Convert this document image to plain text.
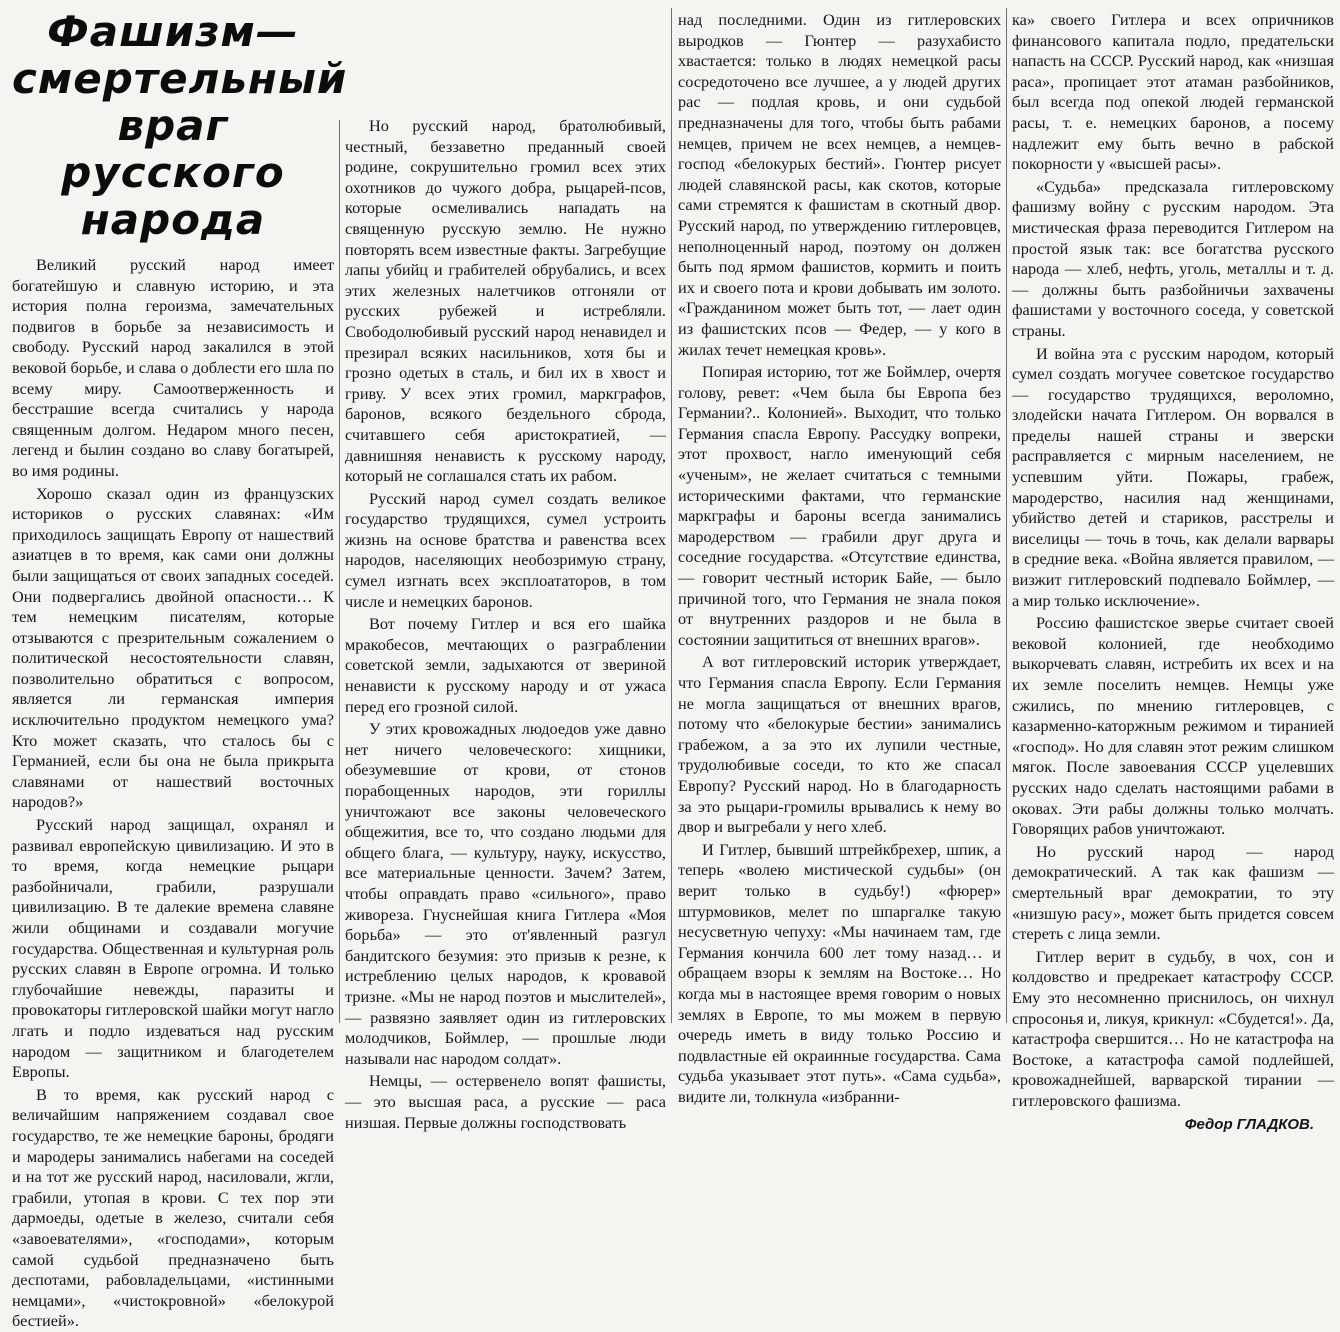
Фашизм—смертельный враг
русского народа

Великий русский народ имеет богатейшую и славную историю, и эта история полна героизма, замечательных подвигов в борьбе за независимость и свободу. Русский народ закалился в этой вековой борьбе, и слава о доблести его шла по всему миру. Самоотверженность и бесстрашие всегда считались у народа священным долгом. Недаром много песен, легенд и былин создано во славу богатырей, во имя родины.

Хорошо сказал один из французских историков о русских славянах: «Им приходилось защищать Европу от нашествий азиатцев в то время, как сами они должны были защищаться от своих западных соседей. Они подвергались двойной опасности… К тем немецким писателям, которые отзываются с презрительным сожалением о политической несостоятельности славян, позволительно обратиться с вопросом, является ли германская империя исключительно продуктом немецкого ума? Кто может сказать, что сталось бы с Германией, если бы она не была прикрыта славянами от нашествий восточных народов?»

Русский народ защищал, охранял и развивал европейскую цивилизацию. И это в то время, когда немецкие рыцари разбойничали, грабили, разрушали цивилизацию. В те далекие времена славяне жили общинами и создавали могучие государства. Общественная и культурная роль русских славян в Европе огромна. И только глубочайшие невежды, паразиты и провокаторы гитлеровской шайки могут нагло лгать и подло издеваться над русским народом — защитником и благодетелем Европы.

В то время, как русский народ с величайшим напряжением создавал свое государство, те же немецкие бароны, бродяги и мародеры занимались набегами на соседей и на тот же русский народ, насиловали, жгли, грабили, утопая в крови. С тех пор эти дармоеды, одетые в железо, считали себя «завоевателями», «господами», которым самой судьбой предназначено быть деспотами, рабовладельцами, «истинными немцами», «чистокровной» «белокурой бестией».

Но русский народ, братолюбивый, честный, беззаветно преданный своей родине, сокрушительно громил всех этих охотников до чужого добра, рыцарей-псов, которые осмеливались нападать на священную русскую землю. Не нужно повторять всем известные факты. Загребущие лапы убийц и грабителей обрубались, и всех этих железных налетчиков отгоняли от русских рубежей и истребляли. Свободолюбивый русский народ ненавидел и презирал всяких насильников, хотя бы и грозно одетых в сталь, и бил их в хвост и гриву. У всех этих громил, маркграфов, баронов, всякого бездельного сброда, считавшего себя аристократией, — давнишняя ненависть к русскому народу, который не соглашался стать их рабом.

Русский народ сумел создать великое государство трудящихся, сумел устроить жизнь на основе братства и равенства всех народов, населяющих необозримую страну, сумел изгнать всех эксплоататоров, в том числе и немецких баронов.

Вот почему Гитлер и вся его шайка мракобесов, мечтающих о разграблении советской земли, задыхаются от звериной ненависти к русскому народу и от ужаса перед его грозной силой.

У этих кровожадных людоедов уже давно нет ничего человеческого: хищники, обезумевшие от крови, от стонов порабощенных народов, эти гориллы уничтожают все законы человеческого общежития, все то, что создано людьми для общего блага, — культуру, науку, искусство, все материальные ценности. Зачем? Затем, чтобы оправдать право «сильного», право живореза. Гнуснейшая книга Гитлера «Моя борьба» — это от'явленный разгул бандитского безумия: это призыв к резне, к истреблению целых народов, к кровавой тризне. «Мы не народ поэтов и мыслителей», — развязно заявляет один из гитлеровских молодчиков, Боймлер, — прошлые люди называли нас народом солдат».

Немцы, — остервенело вопят фашисты, — это высшая раса, а русские — раса низшая. Первые должны господствовать

над последними. Один из гитлеровских выродков — Гюнтер — разухабисто хвастается: только в людях немецкой расы сосредоточено все лучшее, а у людей других рас — подлая кровь, и они судьбой предназначены для того, чтобы быть рабами немцев, причем не всех немцев, а немцев-господ «белокурых бестий». Гюнтер рисует людей славянской расы, как скотов, которые сами стремятся к фашистам в скотный двор. Русский народ, по утверждению гитлеровцев, неполноценный народ, поэтому он должен быть под ярмом фашистов, кормить и поить их и своего пота и крови добывать им золото. «Гражданином может быть тот, — лает один из фашистских псов — Федер, — у кого в жилах течет немецкая кровь».

Попирая историю, тот же Боймлер, очертя голову, ревет: «Чем была бы Европа без Германии?.. Колонией». Выходит, что только Германия спасла Европу. Рассудку вопреки, этот прохвост, нагло именующий себя «ученым», не желает считаться с темными историческими фактами, что германские маркграфы и бароны всегда занимались мародерством — грабили друг друга и соседние государства. «Отсутствие единства, — говорит честный историк Байе, — было причиной того, что Германия не знала покоя от внутренних раздоров и не была в состоянии защититься от внешних врагов».

А вот гитлеровский историк утверждает, что Германия спасла Европу. Если Германия не могла защищаться от внешних врагов, потому что «белокурые бестии» занимались грабежом, а за это их лупили честные, трудолюбивые соседи, то кто же спасал Европу? Русский народ. Но в благодарность за это рыцари-громилы врывались к нему во двор и выгребали у него хлеб.

И Гитлер, бывший штрейкбрехер, шпик, а теперь «волею мистической судьбы» (он верит только в судьбу!) «фюрер» штурмовиков, мелет по шпаргалке такую несусветную чепуху: «Мы начинаем там, где Германия кончила 600 лет тому назад… и обращаем взоры к землям на Востоке… Но когда мы в настоящее время говорим о новых землях в Европе, то мы можем в первую очередь иметь в виду только Россию и подвластные ей окраинные государства. Сама судьба указывает этот путь». «Сама судьба», видите ли, толкнула «избранни-

ка» своего Гитлера и всех опричников финансового капитала подло, предательски напасть на СССР. Русский народ, как «низшая раса», пропицает этот атаман разбойников, был всегда под опекой людей германской расы, т. е. немецких баронов, а посему надлежит ему быть вечно в рабской покорности у «высшей расы».

«Судьба» предсказала гитлеровскому фашизму войну с русским народом. Эта мистическая фраза переводится Гитлером на простой язык так: все богатства русского народа — хлеб, нефть, уголь, металлы и т. д. — должны быть разбойничьи захвачены фашистами у восточного соседа, у советской страны.

И война эта с русским народом, который сумел создать могучее советское государство — государство трудящихся, вероломно, злодейски начата Гитлером. Он ворвался в пределы нашей страны и зверски расправляется с мирным населением, не успевшим уйти. Пожары, грабеж, мародерство, насилия над женщинами, убийство детей и стариков, расстрелы и виселицы — точь в точь, как делали варвары в средние века. «Война является правилом, — визжит гитлеровский подпевало Боймлер, — а мир только исключение».

Россию фашистское зверье считает своей вековой колонией, где необходимо выкорчевать славян, истребить их всех и на их земле поселить немцев. Немцы уже сжились, по мнению гитлеровцев, с казарменно-каторжным режимом и тиранией «господ». Но для славян этот режим слишком мягок. После завоевания СССР уцелевших русских надо сделать настоящими рабами в оковах. Эти рабы должны только молчать. Говорящих рабов уничтожают.

Но русский народ — народ демократический. А так как фашизм — смертельный враг демократии, то эту «низшую расу», может быть придется совсем стереть с лица земли.

Гитлер верит в судьбу, в чох, сон и колдовство и предрекает катастрофу СССР. Ему это несомненно приснилось, он чихнул спросонья и, ликуя, крикнул: «Сбудется!». Да, катастрофа свершится… Но не катастрофа на Востоке, а катастрофа самой подлейшей, кровожаднейшей, варварской тирании — гитлеровского фашизма.

Федор ГЛАДКОВ.
